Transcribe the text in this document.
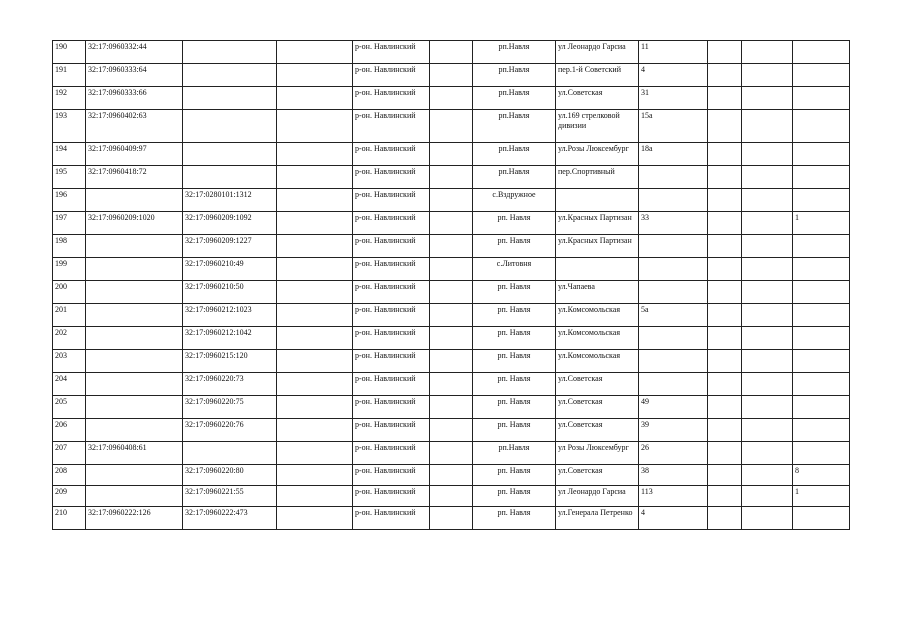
190	32:17:0960332:44			р-он. Навлинский		рп.Навля	ул Леонардо Гарсиа	11			
191	32:17:0960333:64			р-он. Навлинский		рп.Навля	пер.1-й Советский	4			
192	32:17:0960333:66			р-он. Навлинский		рп.Навля	ул.Советская	31			
193	32:17:0960402:63			р-он. Навлинский		рп.Навля	ул.169 стрелковой дивизии	15а			
194	32:17:0960409:97			р-он. Навлинский		рп.Навля	ул.Розы Люксембург	18а			
195	32:17:0960418:72			р-он. Навлинский		рп.Навля	пер.Спортивный				
196		32:17:0280101:1312		р-он. Навлинский		с.Вздружное					
197	32:17:0960209:1020	32:17:0960209:1092		р-он. Навлинский		рп. Навля	ул.Красных Партизан	33			1
198		32:17:0960209:1227		р-он. Навлинский		рп. Навля	ул.Красных Партизан				
199		32:17:0960210:49		р-он. Навлинский		с.Литовня					
200		32:17:0960210:50		р-он. Навлинский		рп. Навля	ул.Чапаева				
201		32:17:0960212:1023		р-он. Навлинский		рп. Навля	ул.Комсомольская	5а			
202		32:17:0960212:1042		р-он. Навлинский		рп. Навля	ул.Комсомольская				
203		32:17:0960215:120		р-он. Навлинский		рп. Навля	ул.Комсомольская				
204		32:17:0960220:73		р-он. Навлинский		рп. Навля	ул.Советская				
205		32:17:0960220:75		р-он. Навлинский		рп. Навля	ул.Советская	49			
206		32:17:0960220:76		р-он. Навлинский		рп. Навля	ул.Советская	39			
207	32:17:0960408:61			р-он. Навлинский		рп.Навля	ул Розы Люксембург	26			
208		32:17:0960220:80		р-он. Навлинский		рп. Навля	ул.Советская	38			8
209		32:17:0960221:55		р-он. Навлинский		рп. Навля	ул Леонардо Гарсиа	113			1
210	32:17:0960222:126	32:17:0960222:473		р-он. Навлинский		рп. Навля	ул.Генерала Петренко	4			
